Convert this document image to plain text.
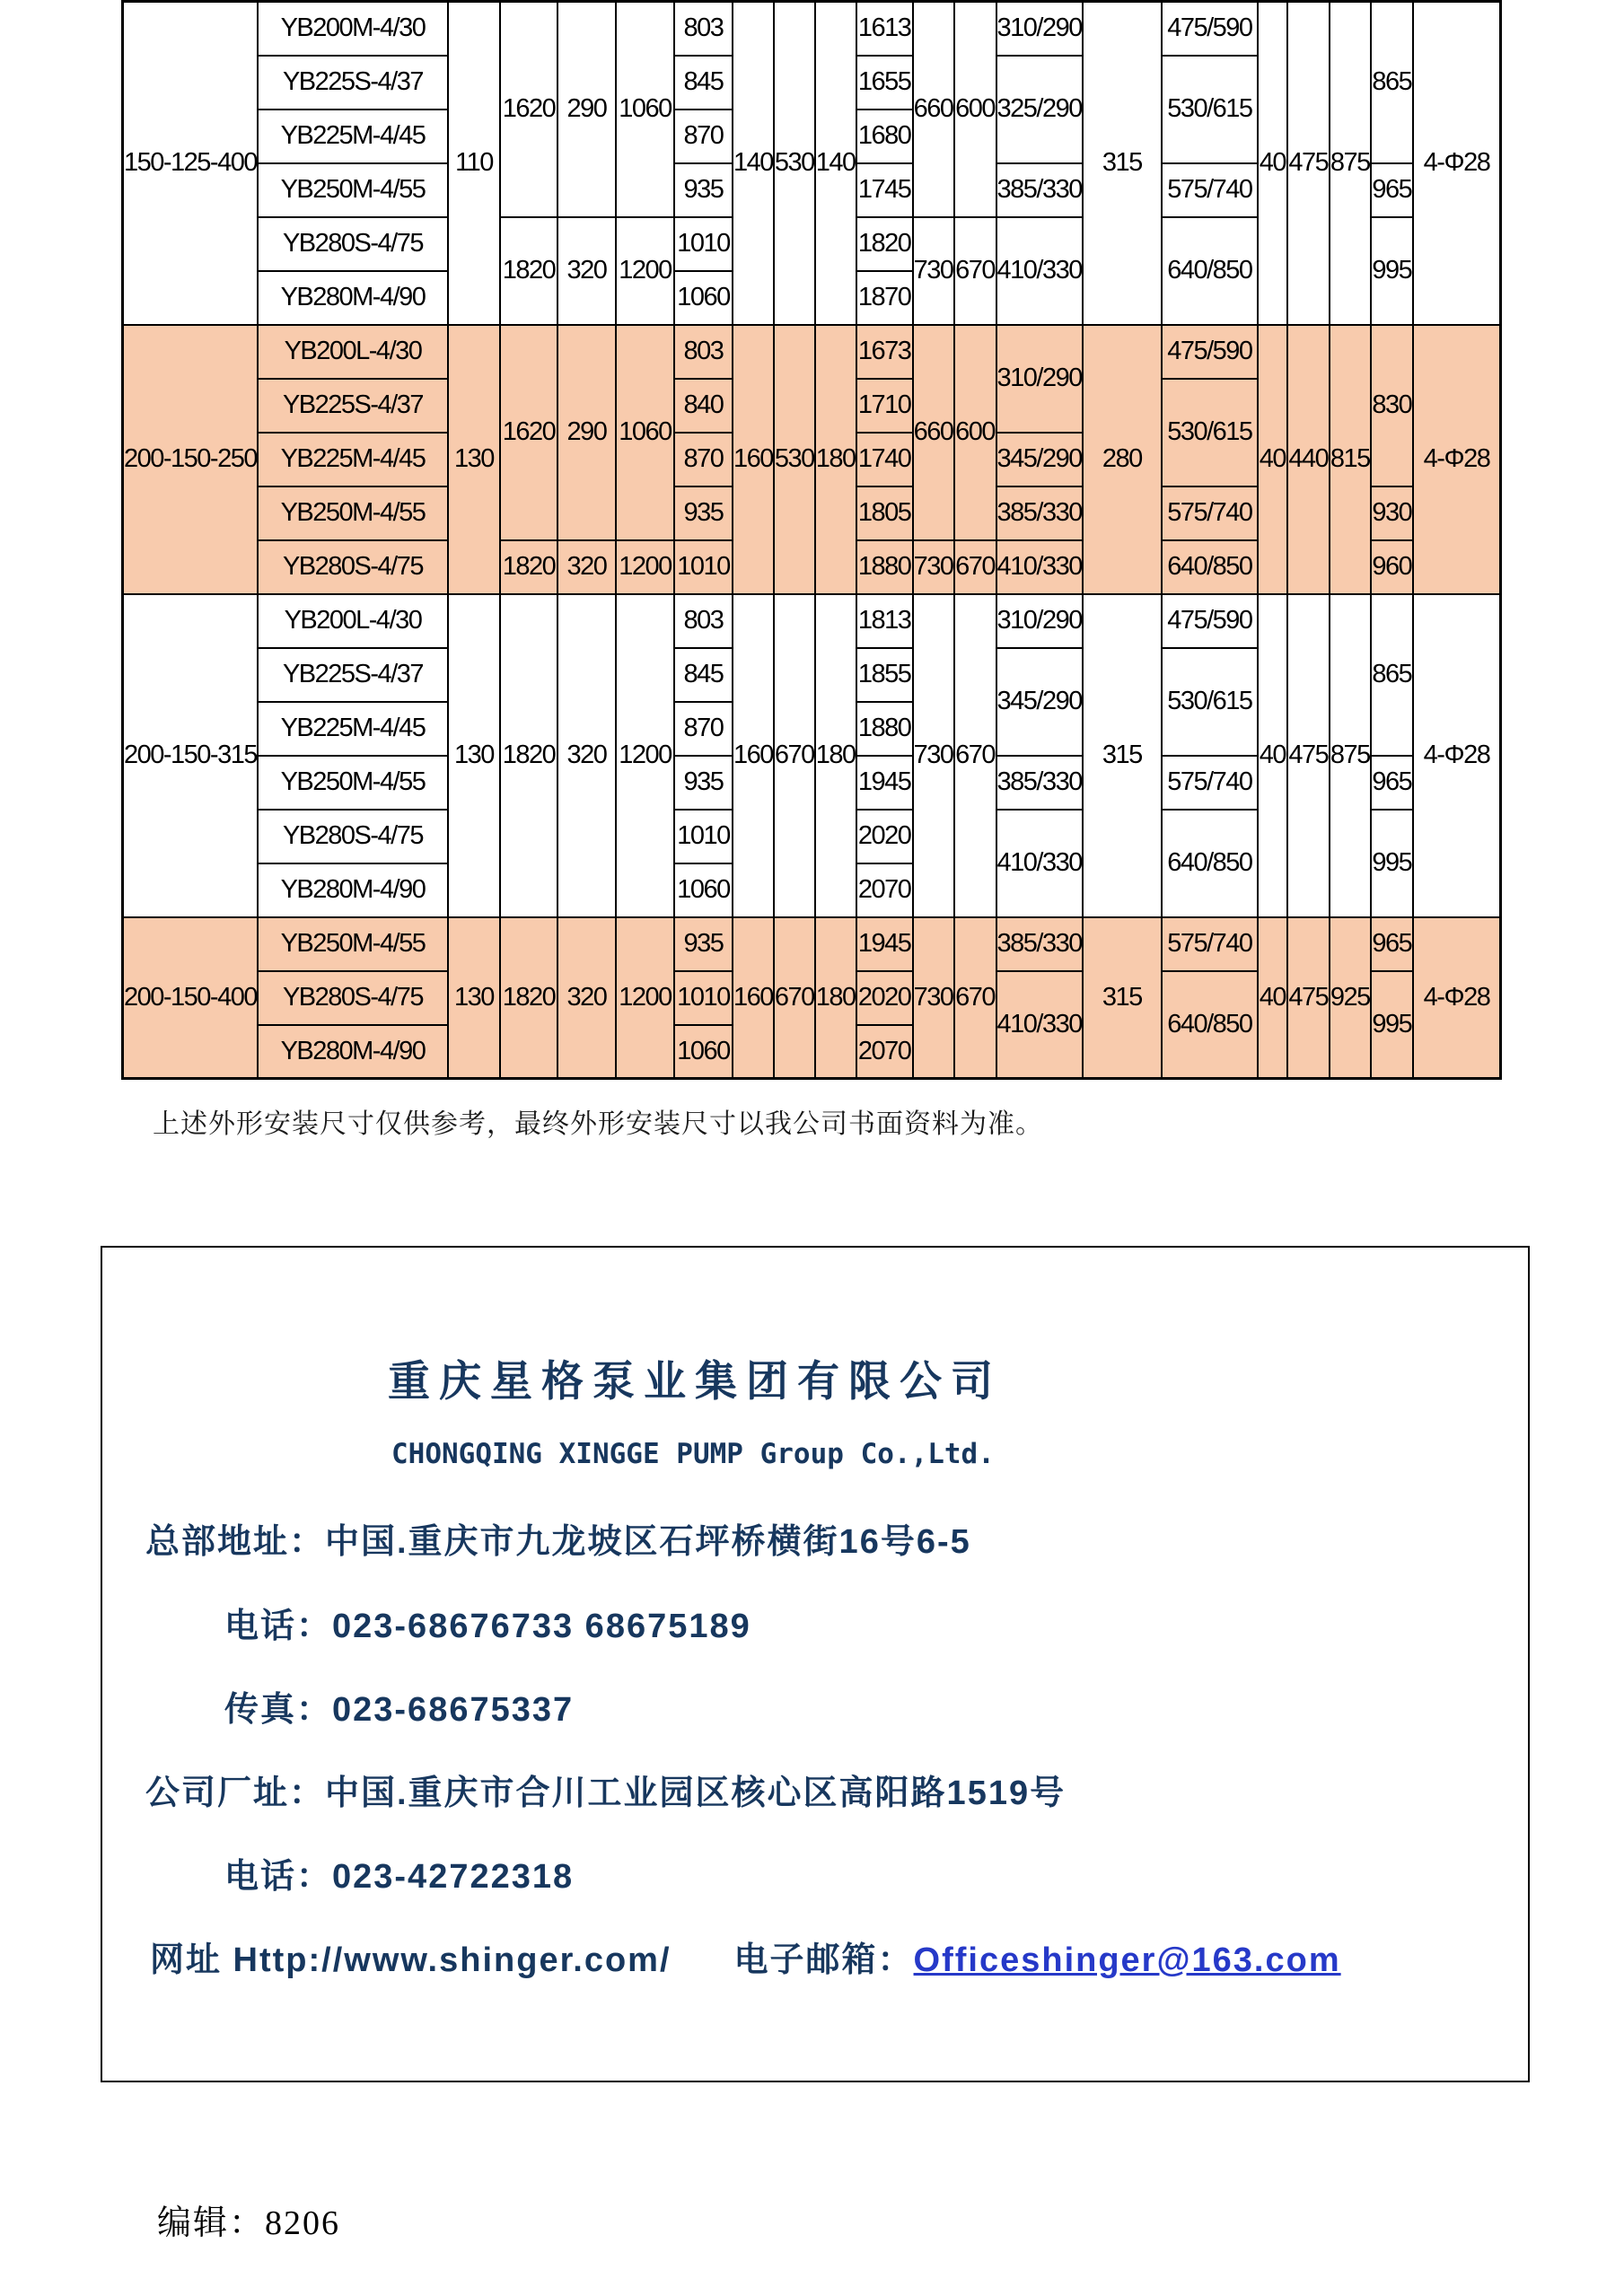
150-125-400	YB200M-4/30	110	1620	290	1060	803	140	530	140	1613	660	600	310/290	315	475/590	40	475	875	865	4-Φ28
	YB225S-4/37					845				1655			325/290		530/615					
	YB225M-4/45					870				1680										
	YB250M-4/55					935				1745			385/330		575/740				965	
	YB280S-4/75		1820	320	1200	1010				1820	730	670	410/330		640/850				995	
	YB280M-4/90					1060				1870										
200-150-250	YB200L-4/30	130	1620	290	1060	803	160	530	180	1673	660	600	310/290	280	475/590	40	440	815	830	4-Φ28
	YB225S-4/37					840				1710					530/615					
	YB225M-4/45					870				1740			345/290							
	YB250M-4/55					935				1805			385/330		575/740				930	
	YB280S-4/75		1820	320	1200	1010				1880	730	670	410/330		640/850				960	
200-150-315	YB200L-4/30	130	1820	320	1200	803	160	670	180	1813	730	670	310/290	315	475/590	40	475	875	865	4-Φ28
	YB225S-4/37					845				1855			345/290		530/615					
	YB225M-4/45					870				1880										
	YB250M-4/55					935				1945			385/330		575/740				965	
	YB280S-4/75					1010				2020			410/330		640/850				995	
	YB280M-4/90					1060				2070										
200-150-400	YB250M-4/55	130	1820	320	1200	935	160	670	180	1945	730	670	385/330	315	575/740	40	475	925	965	4-Φ28
	YB280S-4/75					1010				2020			410/330		640/850				995	
	YB280M-4/90					1060				2070										
上述外形安装尺寸仅供参考，最终外形安装尺寸以我公司书面资料为准。
重庆星格泵业集团有限公司
CHONGQING XINGGE PUMP Group Co.,Ltd.
总部地址：中国.重庆市九龙坡区石坪桥横街16号6-5
电话：023-68676733 68675189
传真：023-68675337
公司厂址：中国.重庆市合川工业园区核心区高阳路1519号
电话：023-42722318
网址 Http://www.shinger.com/ 电子邮箱：Officeshinger@163.com
编辑：8206
